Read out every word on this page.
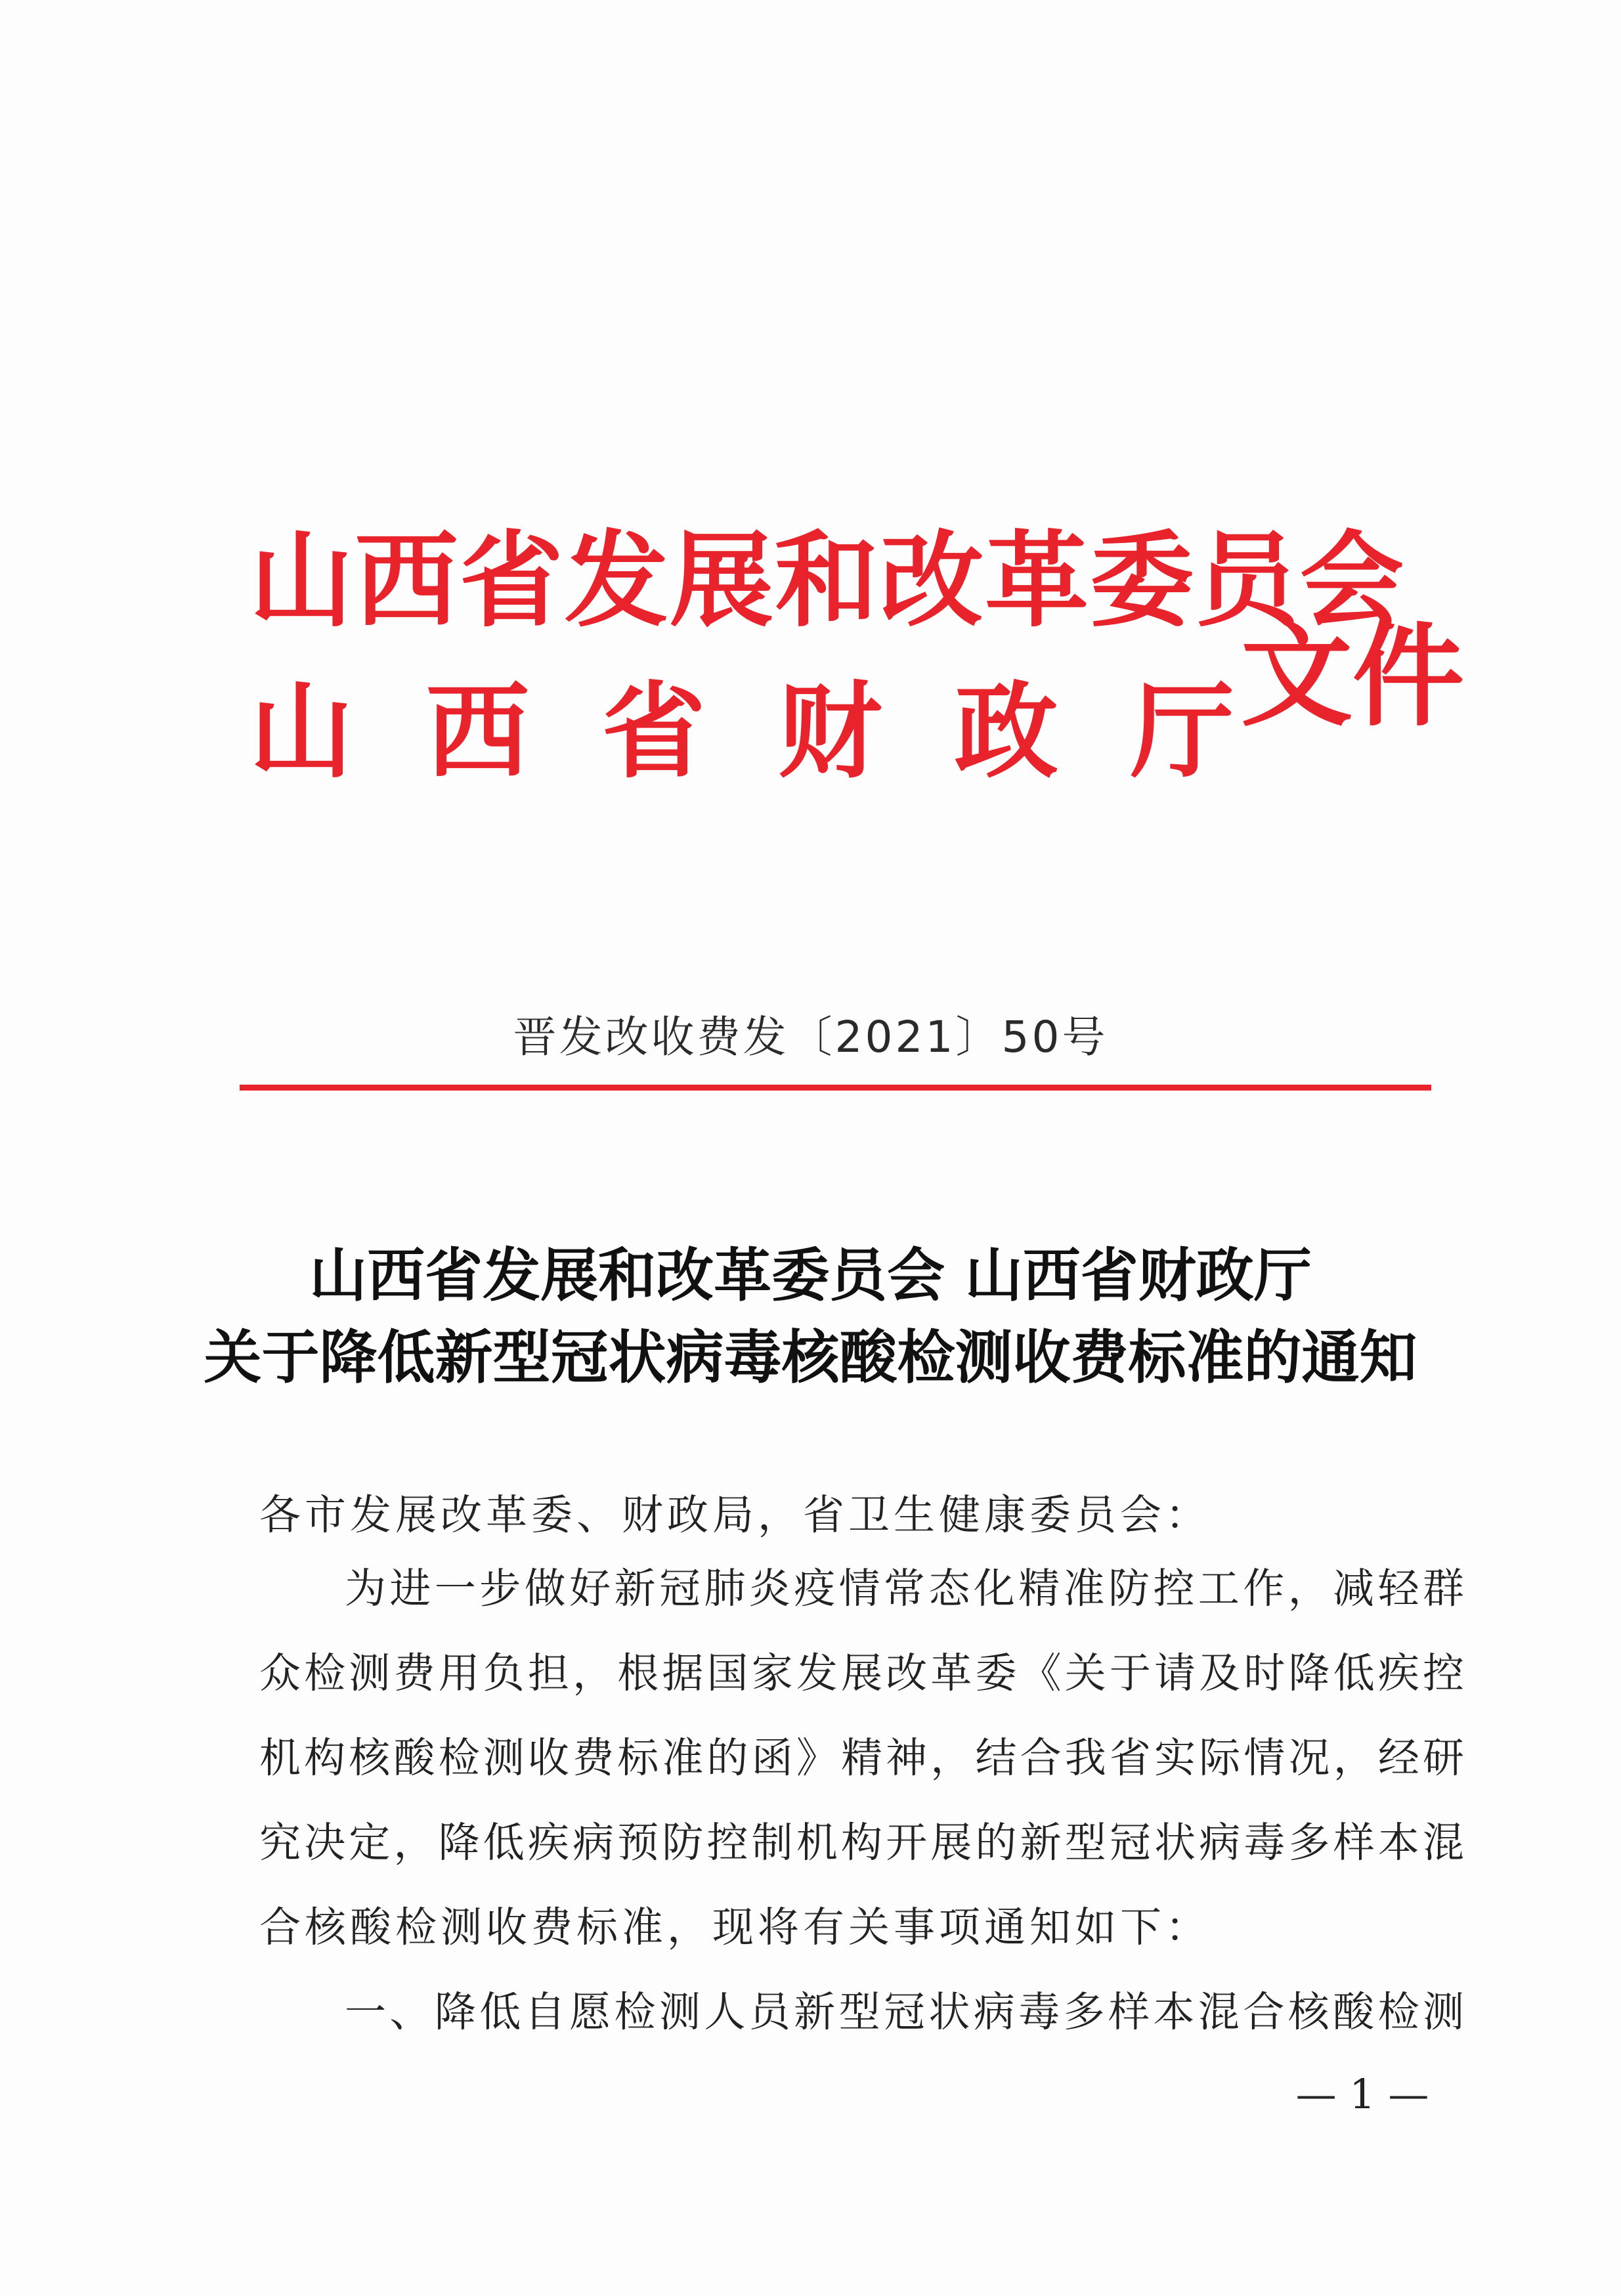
山 西 省 发 展 和 改 革 委 员 会
山 西 省 财 政 厅 文件
晋发改收费发〔2021〕50号
山西省发展和改革委员会 山西省财政厅
关于降低新型冠状病毒核酸检测收费标准的通知
各市发展改革委、财政局，省卫生健康委员会：
为进一步做好新冠肺炎疫情常态化精准防控工作，减轻群
众检测费用负担，根据国家发展改革委《关于请及时降低疾控
机构核酸检测收费标准的函》精神，结合我省实际情况，经研
究决定，降低疾病预防控制机构开展的新型冠状病毒多样本混
合核酸检测收费标准，现将有关事项通知如下：
一、降低自愿检测人员新型冠状病毒多样本混合核酸检测
— 1 —
